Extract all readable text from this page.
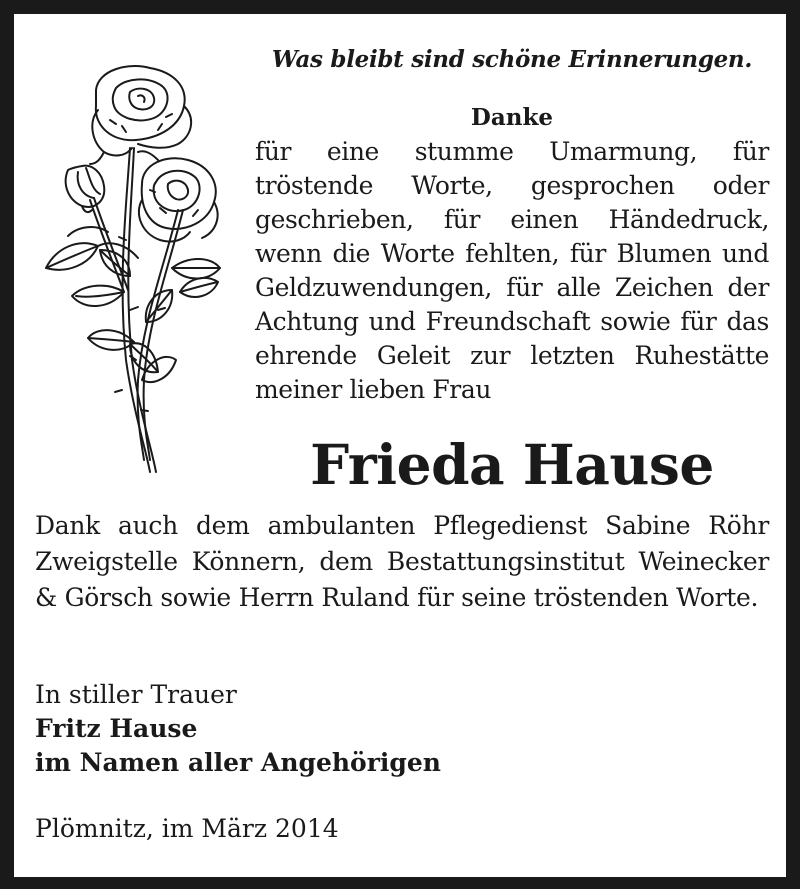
Was bleibt sind schöne Erinnerungen.
Danke
für eine stumme Umarmung, für tröstende Worte, gesprochen oder geschrieben, für einen Händedruck, wenn die Worte fehlten, für Blumen und Geldzuwendungen, für alle Zeichen der Achtung und Freundschaft sowie für das ehrende Geleit zur letzten Ruhestätte meiner lieben Frau
Frieda Hause
Dank auch dem ambulanten Pflegedienst Sabine Röhr Zweigstelle Könnern, dem Bestattungsinstitut Weinecker & Görsch sowie Herrn Ruland für seine tröstenden Worte.
In stiller Trauer
Fritz Hause
im Namen aller Angehörigen
Plömnitz, im März 2014
